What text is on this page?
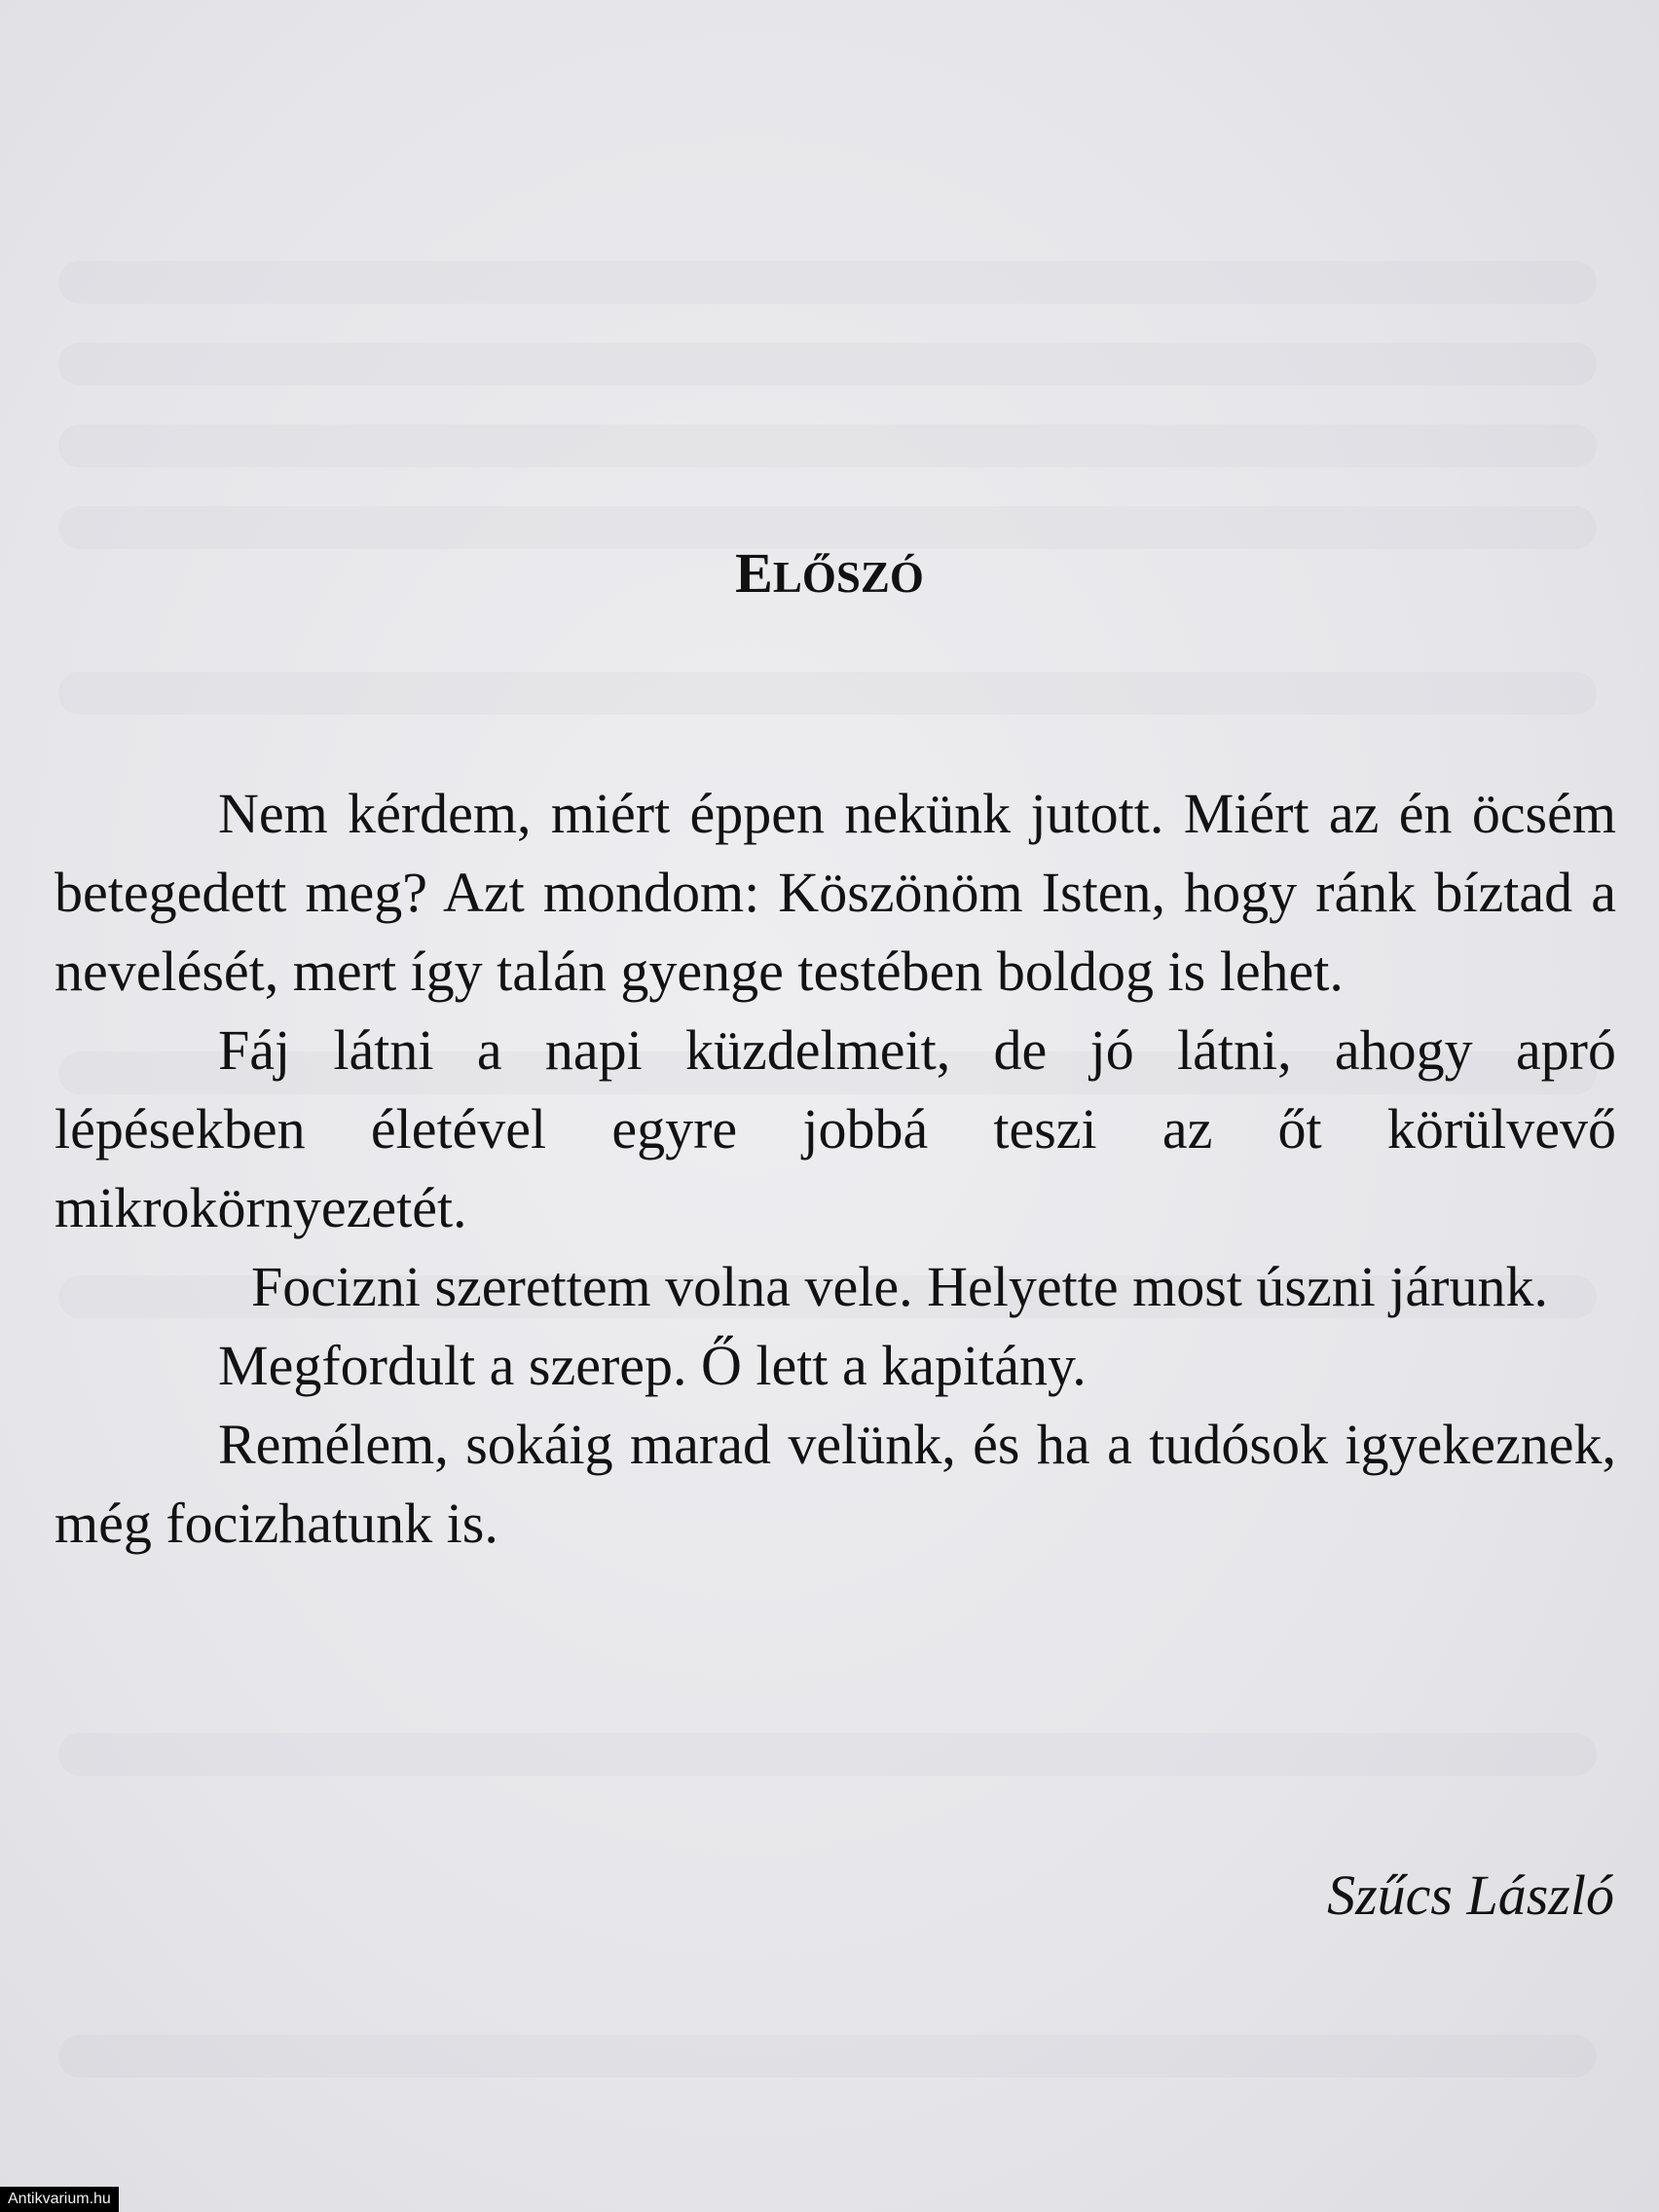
ELŐSZÓ

Nem kérdem, miért éppen nekünk jutott. Miért az én öcsém betegedett meg? Azt mondom: Köszönöm Isten, hogy ránk bíztad a nevelését, mert így talán gyenge testében boldog is lehet.

Fáj látni a napi küzdelmeit, de jó látni, ahogy apró lépésekben életével egyre jobbá teszi az őt körülvevő mikrokörnyezetét.

Focizni szerettem volna vele. Helyette most úszni járunk.

Megfordult a szerep. Ő lett a kapitány.

Remélem, sokáig marad velünk, és ha a tudósok igyekeznek, még focizhatunk is.

Szűcs László

Antikvarium.hu
